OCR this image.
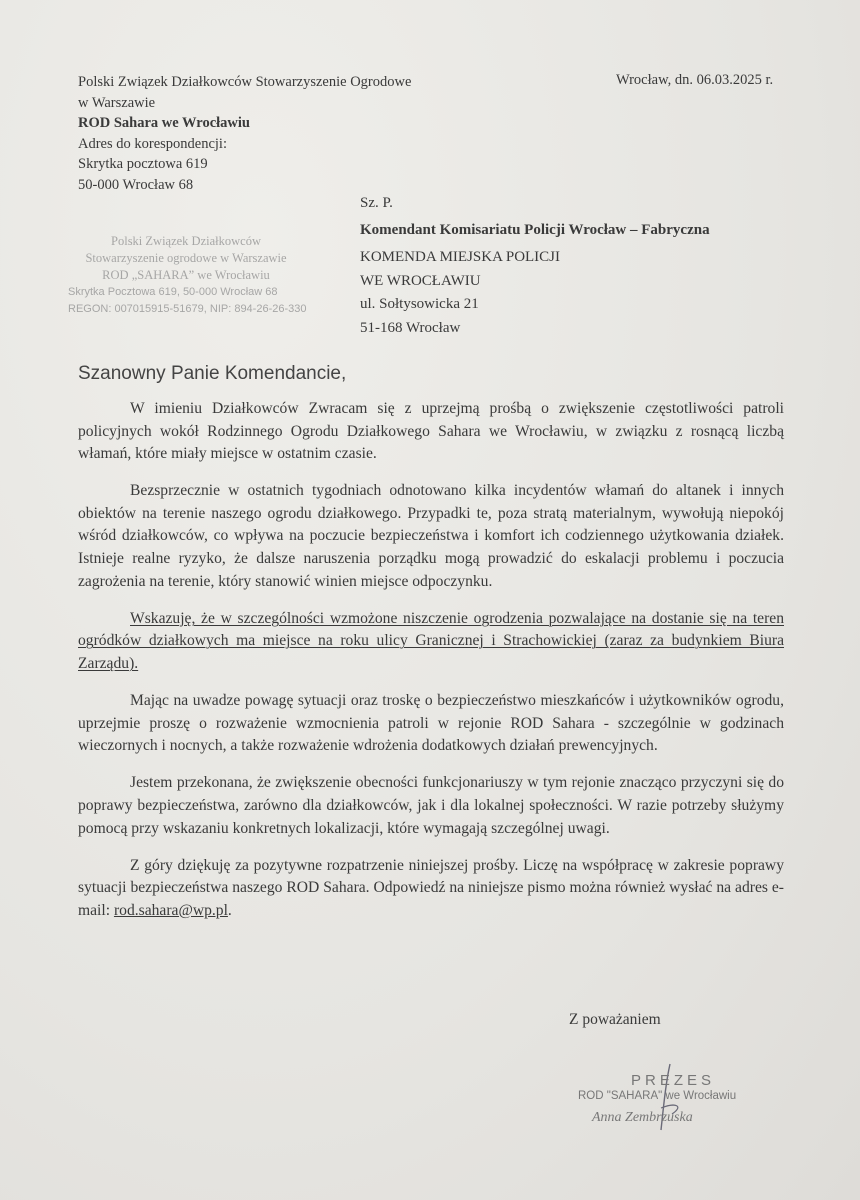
Polski Związek Działkowców Stowarzyszenie Ogrodowe
w Warszawie
ROD Sahara we Wrocławiu
Adres do korespondencji:
Skrytka pocztowa 619
50-000 Wrocław 68
Wrocław, dn. 06.03.2025 r.
Polski Związek Działkowców
Stowarzyszenie ogrodowe w Warszawie
ROD „SAHARA” we Wrocławiu
Skrytka Pocztowa 619, 50-000 Wrocław 68
REGON: 007015915-51679, NIP: 894-26-26-330
Sz. P.
Komendant Komisariatu Policji Wrocław – Fabryczna
KOMENDA MIEJSKA POLICJI
WE WROCŁAWIU
ul. Sołtysowicka 21
51-168 Wrocław
Szanowny Panie Komendancie,

W imieniu Działkowców Zwracam się z uprzejmą prośbą o zwiększenie częstotliwości patroli policyjnych wokół Rodzinnego Ogrodu Działkowego Sahara we Wrocławiu, w związku z rosnącą liczbą włamań, które miały miejsce w ostatnim czasie.

Bezsprzecznie w ostatnich tygodniach odnotowano kilka incydentów włamań do altanek i innych obiektów na terenie naszego ogrodu działkowego. Przypadki te, poza stratą materialnym, wywołują niepokój wśród działkowców, co wpływa na poczucie bezpieczeństwa i komfort ich codziennego użytkowania działek. Istnieje realne ryzyko, że dalsze naruszenia porządku mogą prowadzić do eskalacji problemu i poczucia zagrożenia na terenie, który stanowić winien miejsce odpoczynku.

Wskazuję, że w szczególności wzmożone niszczenie ogrodzenia pozwalające na dostanie się na teren ogródków działkowych ma miejsce na roku ulicy Granicznej i Strachowickiej (zaraz za budynkiem Biura Zarządu).

Mając na uwadze powagę sytuacji oraz troskę o bezpieczeństwo mieszkańców i użytkowników ogrodu, uprzejmie proszę o rozważenie wzmocnienia patroli w rejonie ROD Sahara - szczególnie w godzinach wieczornych i nocnych, a także rozważenie wdrożenia dodatkowych działań prewencyjnych.

Jestem przekonana, że zwiększenie obecności funkcjonariuszy w tym rejonie znacząco przyczyni się do poprawy bezpieczeństwa, zarówno dla działkowców, jak i dla lokalnej społeczności. W razie potrzeby służymy pomocą przy wskazaniu konkretnych lokalizacji, które wymagają szczególnej uwagi.

Z góry dziękuję za pozytywne rozpatrzenie niniejszej prośby. Liczę na współpracę w zakresie poprawy sytuacji bezpieczeństwa naszego ROD Sahara. Odpowiedź na niniejsze pismo można również wysłać na adres e-mail: rod.sahara@wp.pl.

Z poważaniem
PREZES
ROD "SAHARA" we Wrocławiu
Anna Zembrzuska
